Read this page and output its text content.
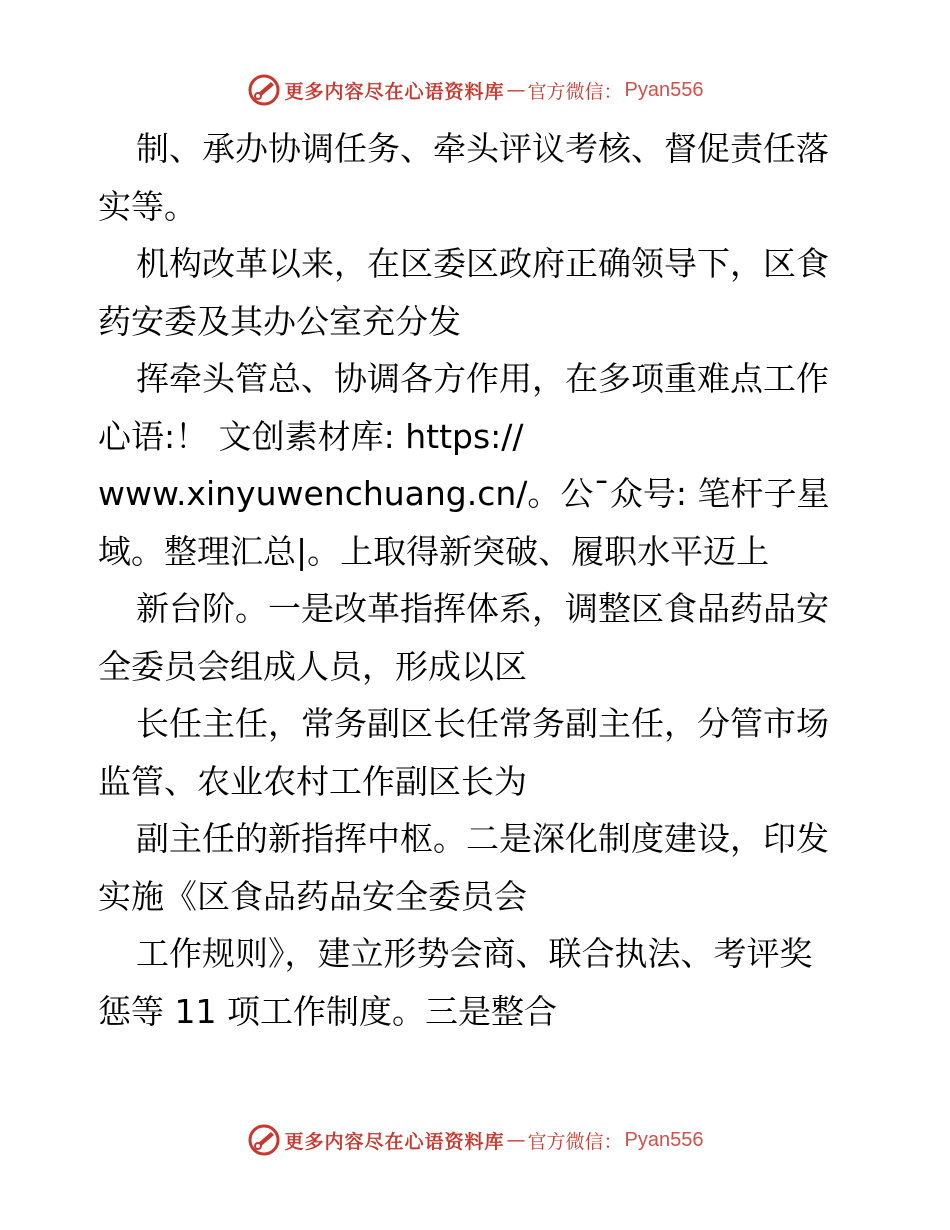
更多内容尽在心语资料库 — 官方微信： Pyan556
制、承办协调任务、牵头评议考核、督促责任落
实等。
机构改革以来，在区委区政府正确领导下，区食
药安委及其办公室充分发
挥牵头管总、协调各方作用，在多项重难点工作
心语:！ 文创素材库: https://
www.xinyuwenchuang.cn/。公¯众号: 笔杆子星
域。整理汇总|。上取得新突破、履职水平迈上
新台阶。一是改革指挥体系，调整区食品药品安
全委员会组成人员，形成以区
长任主任，常务副区长任常务副主任，分管市场
监管、农业农村工作副区长为
副主任的新指挥中枢。二是深化制度建设，印发
实施《区食品药品安全委员会
工作规则》，建立形势会商、联合执法、考评奖
惩等 11 项工作制度。三是整合
更多内容尽在心语资料库 — 官方微信： Pyan556
